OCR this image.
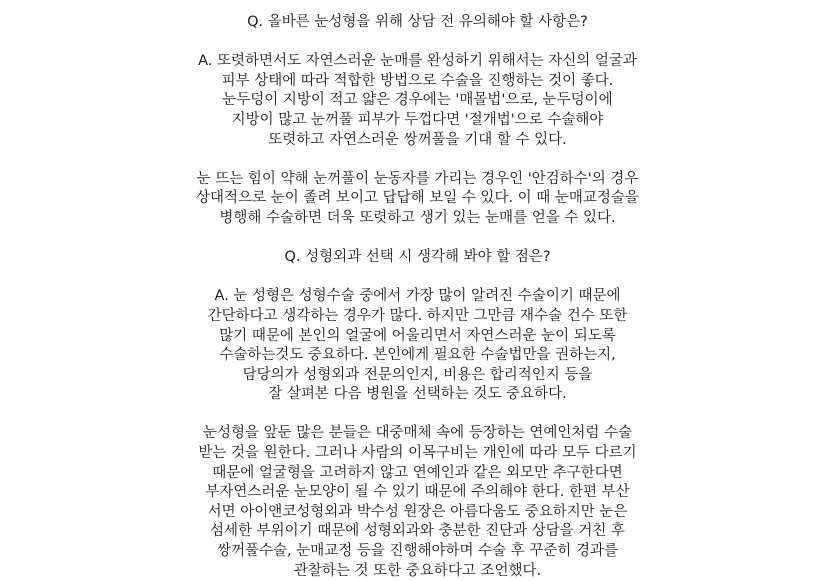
Q. 올바른 눈성형을 위해 상담 전 유의해야 할 사항은?
A. 또렷하면서도 자연스러운 눈매를 완성하기 위해서는 자신의 얼굴과
피부 상태에 따라 적합한 방법으로 수술을 진행하는 것이 좋다.
눈두덩이 지방이 적고 얇은 경우에는 '매몰법'으로, 눈두덩이에
지방이 많고 눈꺼풀 피부가 두껍다면 '절개법'으로 수술해야
또렷하고 자연스러운 쌍꺼풀을 기대 할 수 있다.
눈 뜨는 힘이 약해 눈꺼풀이 눈동자를 가리는 경우인 '안검하수'의 경우
상대적으로 눈이 졸려 보이고 답답해 보일 수 있다. 이 때 눈매교정술을
병행해 수술하면 더욱 또렷하고 생기 있는 눈매를 얻을 수 있다.
Q. 성형외과 선택 시 생각해 봐야 할 점은?
A. 눈 성형은 성형수술 중에서 가장 많이 알려진 수술이기 때문에
간단하다고 생각하는 경우가 많다. 하지만 그만큼 재수술 건수 또한
많기 때문에 본인의 얼굴에 어울리면서 자연스러운 눈이 되도록
수술하는것도 중요하다. 본인에게 필요한 수술법만을 권하는지,
담당의가 성형외과 전문의인지, 비용은 합리적인지 등을
잘 살펴본 다음 병원을 선택하는 것도 중요하다.
눈성형을 앞둔 많은 분들은 대중매체 속에 등장하는 연예인처럼 수술
받는 것을 원한다. 그러나 사람의 이목구비는 개인에 따라 모두 다르기
때문에 얼굴형을 고려하지 않고 연예인과 같은 외모만 추구한다면
부자연스러운 눈모양이 될 수 있기 때문에 주의해야 한다. 한편 부산
서면 아이앤코성형외과 박수성 원장은 아름다움도 중요하지만 눈은
섬세한 부위이기 때문에 성형외과와 충분한 진단과 상담을 거친 후
쌍꺼풀수술, 눈매교정 등을 진행해야하며 수술 후 꾸준히 경과를
관찰하는 것 또한 중요하다고 조언했다.
